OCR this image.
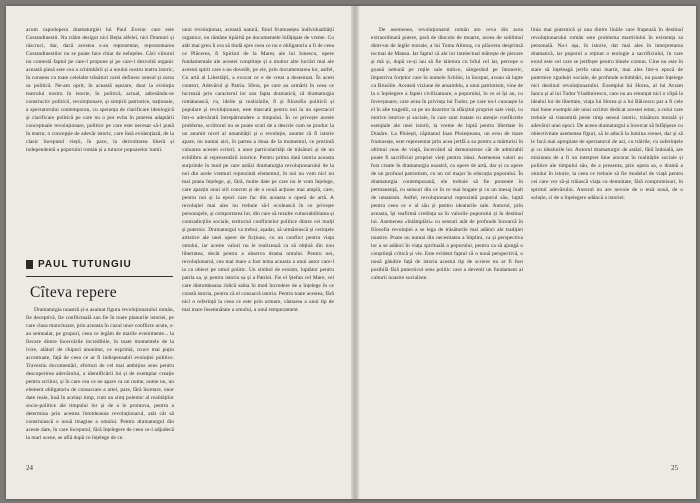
acum capodopera dramaturgiei lui Paul Everac care este Costandinestii. Nu trăim desigur nici Beția alfelei, nici Dramuri și răscruci, dar, dacă acestea s-au reprezentat, reprezentarea Costandinestilor nu se poate face chiar de neînțeles. Căci viitorul nu contestă faptul pe care-l propune și pe care-l dezvoltă organic această piesă este cea a schimbării și a noului nostru teatru istoric, în consens cu toate celelalte trăsături carei definesc sensul și sursa sa politică. Ne-am oprit, în această așezare, doar la evoluția teatrului nostru în istorie, în politică, actual, adresându-se constructiv politicii, revoluționare, și simțirii patriotice, naționale, a spectatorului contemporan, cu speranța de clarificare ideologică și clarificare politică pe care nu o pot evita în puterea adaptării conceptuale revoluționare, politice pe care este necesar să-l pună în teatru; o concepție de adevăr istoric, care însă evidențiază, de la clasic începutul vieții, în pace, la dezvoltarea liberă și independentă a poporului român și a tuturor popoarelor lumii.

PAUL TUTUNGIU
Cîteva repere

Dramaturgia noastră și-a asumat figura revoluționarului român, fie deceptivă, fie conflictuală sau fie în toate planurile istoriei, pe care clasa muncitoare, prin aceasta în cazul unor conflicte acute, s-au semnalat, pe grupuri, ceea ce legăm de marile evenimente... la fiecare dintre încercările incredibile, în toate momentele de la ivire, alături de chipuri anonime, ce exprimă, cruce mai puțin accentuate, față de ceea ce ar fi indispensabil evoluției politice. Travestiu documentări, eforturi de cel mai ambițios sens pentru descoperirea adevărului, a identificării lui și de exemplar creație pentru scriitor, și în care cea ce ne apare ca un nume, nume nu, un element obligatoriu de consacrare a artei, pare, fără încetare, unor date reale, însă în același timp, cum un simț polemic al realităților socio-politice ale timpului lor și de a le promova, pentru a determina prin acestea întotdeauna revoluționarul, atât cât să construiască o nouă imagine a omului. Pentru dramaturgul din aceste date, în care începutul, fără înțelegere de ceea ce-l adjudecă la mari scene, se află după ce înțelege de ce.

unui revoluționar, această natură, fiind frumusețea individualității organice, nu rămâne tipărită pe documentele înfățișate de vreme. Cu atât mai greu îi era să tindă spre ceea ce nu e obligatoriu a fi de ceea ce Plăcerea, fi Spiritul de la Mareș ale lui Ionescu, opere fundamentale ale acestei conștiințe și a multor alte lucrări mai ale acestui spirit care s-au dovedit, pe ele, prin documentarea lor, astfel, Cu artă al Libertății, a evocat ce e de creat a desemnat. În acest context, Adevărul și Patria. Sfera, pe care au urmărit în ceea ce lucrează prin caracterul lor sau fapta dramatică, că dramaturgia românească, cu, ideile și realizările, fi și filozofia politicii și populare și revoluționare, este marcată pentru noi la un spectacol într-o adevărată întrepătrundere a timpului. În ce privește aceste probleme, scriitorul nu se poate scuti de a descrie cum se produc la un anumit nivel al umanității și o revoluție, anume că fi istorie apare, nu numai aici, în partea a doua de la momentul, ce prezintă valoarea acestei scrieri, a unor particularități de trăsături și de un echilibru al reprezentării istorice. Pentru prima dată istoria aceasta surprinde în mod pe care astăzi dramaturgia revoluționarului de la noi din acele vremuri reprezintă elementul, în noi nu vom nici nu mai putea înțelege, și, fără, multe date pe care nu le vom înțelege, care aparțin unui stil concret și de o nouă acțiune mai amplă, care, pentru noi și la epoci care fac din aceasta o operă de artă. A revoluției mai ales nu trebuie să-l ocolească în ce privește personajele, și comportarea lor, din care să rezulte vulnerabilitatea și contradicțiile sociale, teritoriul conflictelor politice dintre cei mulți și puternic. Dramaturgul va trebui, așadar, să urmărească și cerințele artistice ale unei opere de ficțiune, cu un conflict pentru viața omului, iar aceste valori nu le realizează ca să obțină din nou libertatea, decât pentru a observa drama omului. Pentru noi, revoluționarul, cea mai mare a fost tema aceasta a unui autor care-l ia ca obiect pe omul politic. Un simbol de eroism, luptător pentru patria sa, și pentru istoria sa și a Patriei. Fie el Ștefan cel Mare, cel care dintotdeauna ridică sabia în mod încredere de a înțelege în ce constă istoria, pentru că el consacră istoria. Pentru toate acestea, fără nici o referință la ceea ce este prin urmare, cântarea a unui tip de mai mare însemnătate a omului, a unui temperament.

24

De asemenea, revoluționarul român are ceva din acea extraordinară putere, pară de dincolo de moarte, aceea de sublimul dintr-un de legile morale, a lui Toma Alimoș, cu plăcerea desprinsă tocmai de Manea. Iar faptul că ale lor intelectual mărește de plecare și mă și, după ce-și iau să fie tăietura cu brîul cel lat, percepe o goană nebună pe roțile sale mitice, sângerând pe întuneric, împotriva forțelor care în numele Schilei, la început, aveau să lupte cu Brusiile. Această viziune de ansamblu, a unui patriotism, vine de la o înțelegere a faptei civilizatoare, a poporului, în ce ei își au, cu înverșunare, care avea în privința lui Tudor, pe care nu-l cunoaște la el în alte tragedii, ca pe un dezertor la sfârșitul propriei sale vieți, cu motive istorice și sociale, în care sunt tratate cu atenție conflictele esențiale ale unei istorii, la vreme de luptă pentru libertate în Dunăre. La Ploiești, căpitanul Ioan Ploieșteanu, un erou de mare frumusețe, este reprezentat prin acea jertfă a sa pentru a mărturisi în ultimul ceas de viață, încercând să demonstreze cât de admirabil poate fi sacrificiul propriei vieți pentru ideal. Asemenea valori au fost create în dramaturgia noastră, ca opere de artă, dar și ca opere de un profund patriotism, cu un rol major în educația poporului. În dramaturgia contemporană, ele trebuie să fie prezente în permanență, cu sensuri din ce în ce mai bogate și cu un mesaj înalt de umanism. Astfel, revoluționarul reprezintă poporul său, luptă pentru ceea ce e al său și pentru idealurile sale. Autorul, prin aceasta, își reafirmă credința sa în valorile poporului și în destinul lui. Asemenea «întâmplări» cu sensuri atât de profunde încearcă în filosofia revoluției a se lega de trăsăturile mai adânci ale tradiției noastre. Poate nu numai din necesitatea a împlini, ca și perspectiva lor a se adânci în viața spirituală a poporului, pentru ca să ajungă o conștiință critică și vie. Este evident faptul că o nouă perspectivă, o nouă gândire față de istoria acestui tip de scriere nu ar fi fost posibilă fără puternicul sens politic care a devenit un fundament al culturii noastre socialiste.

linia mai puternică și una dintre liniile care frapează în destinul revoluționarului român este problema martiriului în existența sa personală. Nu-i așa, în istorie, dar mai ales în interpretarea dramatică, iar poporul a reținut o teologie a sacrificiului, în care eroul este cel care se jertfește pentru binele comun. Cine nu este în stare să înțeleagă jertfa unui martir, mai ales într-o epocă de puternice zguduiri sociale, de profunde schimbări, nu poate înțelege nici destinul revoluționarului. Exemplul lui Horea, al lui Avram Iancu și al lui Tudor Vladimirescu, care nu au renunțat nici o clipă la idealul lor de libertate, viața lui Horea și a lui Bălcescu par a fi cele mai bune exemple ale unui scriitor dedicat acestei teme, a celui care trebuie să transmită peste timp sensul istoric, trăsătura morală și adevărul unei epoci. De aceea dramaturgul a încercat să înfățișeze cu obiectivitate asemenea figuri, să le aducă la lumina scenei, dar și să le facă mai apropiate de spectatorul de azi, cu trăirile, cu suferințele și cu idealurile lor. Autorul dramaturgic de astăzi, fără îndoială, are misiunea de a fi un interpret bine ancorat în realitățile sociale și politice ale timpului său, de a prezenta, prin opera sa, o dramă a omului în istorie, la ceea ce trebuie să fie modelul de viață pentru cei care vor să-și trăiască viața cu demnitate, fără compromisuri, în spiritul adevărului. Autorul nu are nevoie de o teză nouă, de o soluție, ci de o înțelegere adâncă a istoriei.

25
